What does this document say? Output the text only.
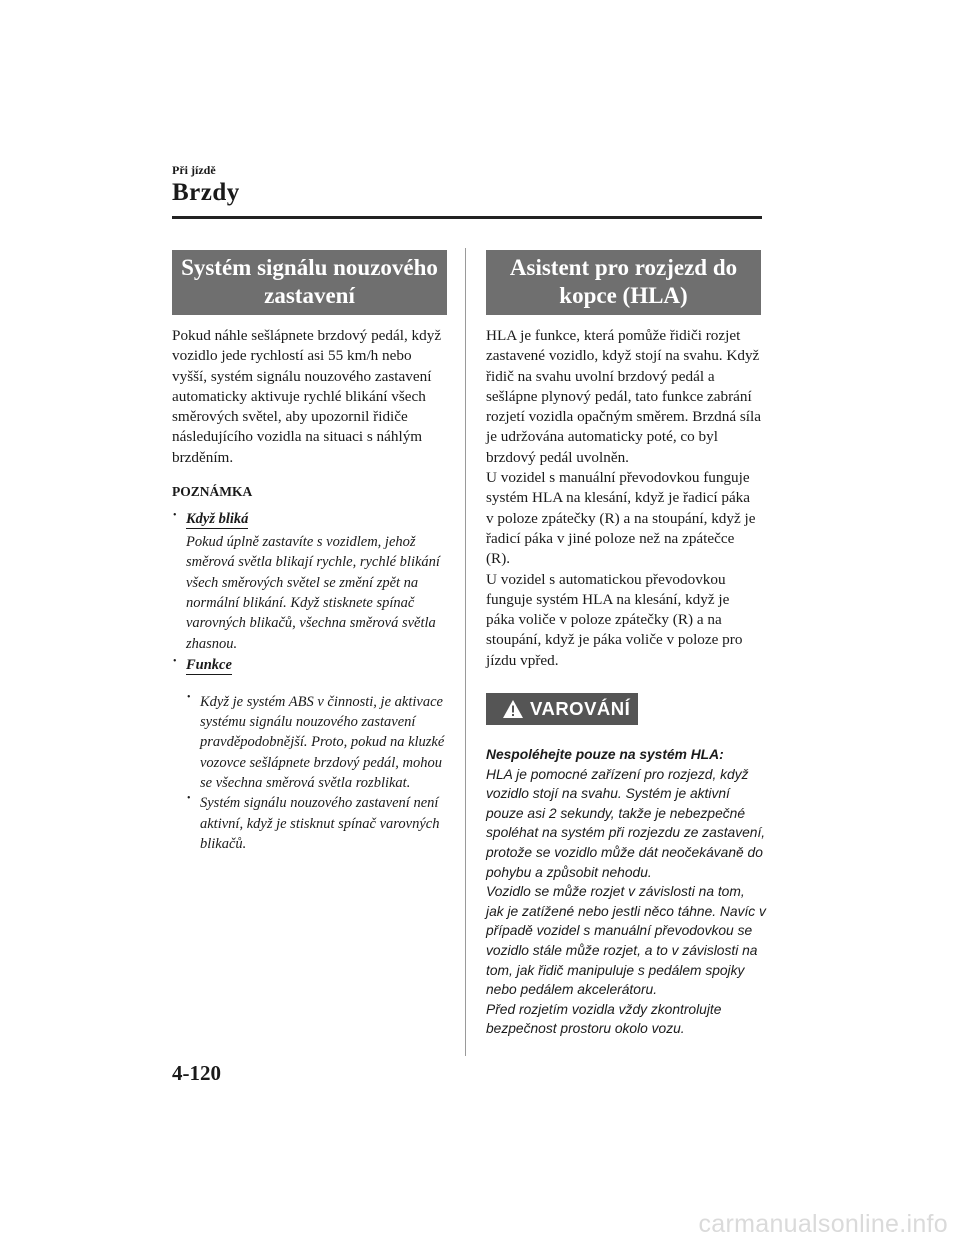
Při jízdě
Brzdy
Systém signálu nouzového zastavení

Pokud náhle sešlápnete brzdový pedál, když vozidlo jede rychlostí asi 55 km/h nebo vyšší, systém signálu nouzového zastavení automaticky aktivuje rychlé blikání všech směrových světel, aby upozornil řidiče následujícího vozidla na situaci s náhlým brzděním.

POZNÁMKA
• Když bliká

Pokud úplně zastavíte s vozidlem, jehož směrová světla blikají rychle, rychlé blikání všech směrových světel se změní zpět na normální blikání. Když stisknete spínač varovných blikačů, všechna směrová světla zhasnou.

• Funkce

• Když je systém ABS v činnosti, je aktivace systému signálu nouzového zastavení pravděpodobnější. Proto, pokud na kluzké vozovce sešlápnete brzdový pedál, mohou se všechna směrová světla rozblikat.

• Systém signálu nouzového zastavení není aktivní, když je stisknut spínač varovných blikačů.

Asistent pro rozjezd do kopce (HLA)

HLA je funkce, která pomůže řidiči rozjet zastavené vozidlo, když stojí na svahu. Když řidič na svahu uvolní brzdový pedál a sešlápne plynový pedál, tato funkce zabrání rozjetí vozidla opačným směrem. Brzdná síla je udržována automaticky poté, co byl brzdový pedál uvolněn.

U vozidel s manuální převodovkou funguje systém HLA na klesání, když je řadicí páka v poloze zpátečky (R) a na stoupání, když je řadicí páka v jiné poloze než na zpátečce (R).

U vozidel s automatickou převodovkou funguje systém HLA na klesání, když je páka voliče v poloze zpátečky (R) a na stoupání, když je páka voliče v poloze pro jízdu vpřed.

VAROVÁNÍ

Nespoléhejte pouze na systém HLA:

HLA je pomocné zařízení pro rozjezd, když vozidlo stojí na svahu. Systém je aktivní pouze asi 2 sekundy, takže je nebezpečné spoléhat na systém při rozjezdu ze zastavení, protože se vozidlo může dát neočekávaně do pohybu a způsobit nehodu.

Vozidlo se může rozjet v závislosti na tom, jak je zatížené nebo jestli něco táhne. Navíc v případě vozidel s manuální převodovkou se vozidlo stále může rozjet, a to v závislosti na tom, jak řidič manipuluje s pedálem spojky nebo pedálem akcelerátoru.

Před rozjetím vozidla vždy zkontrolujte bezpečnost prostoru okolo vozu.

4-120
carmanualsonline.info
